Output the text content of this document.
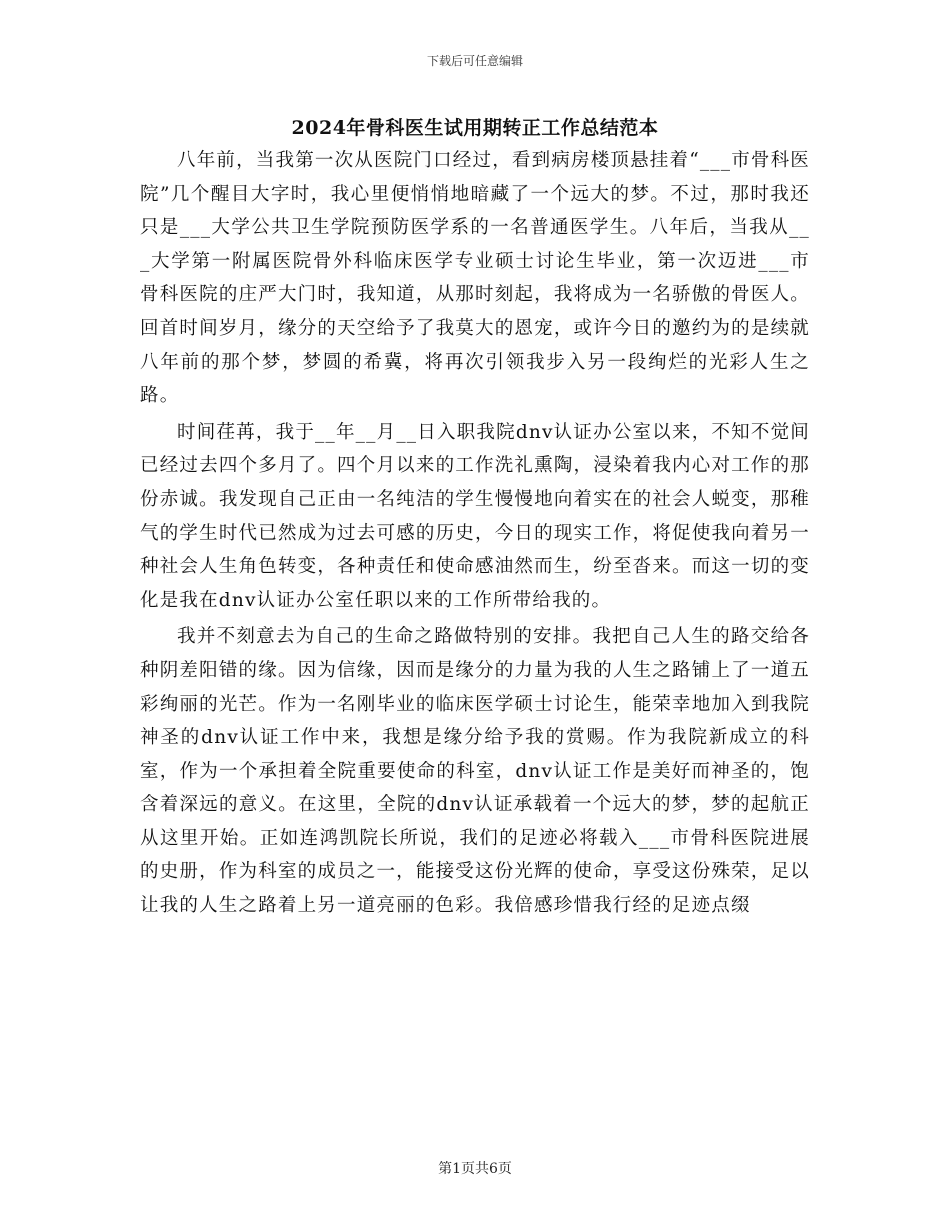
下载后可任意编辑
2024年骨科医生试用期转正工作总结范本

八年前，当我第一次从医院门口经过，看到病房楼顶悬挂着“___市骨科医院”几个醒目大字时，我心里便悄悄地暗藏了一个远大的梦。不过，那时我还只是___大学公共卫生学院预防医学系的一名普通医学生。八年后，当我从___大学第一附属医院骨外科临床医学专业硕士讨论生毕业，第一次迈进___市骨科医院的庄严大门时，我知道，从那时刻起，我将成为一名骄傲的骨医人。回首时间岁月，缘分的天空给予了我莫大的恩宠，或许今日的邀约为的是续就八年前的那个梦，梦圆的希冀，将再次引领我步入另一段绚烂的光彩人生之路。

时间荏苒，我于__年__月__日入职我院dnv认证办公室以来，不知不觉间已经过去四个多月了。四个月以来的工作洗礼熏陶，浸染着我内心对工作的那份赤诚。我发现自己正由一名纯洁的学生慢慢地向着实在的社会人蜕变，那稚气的学生时代已然成为过去可感的历史，今日的现实工作，将促使我向着另一种社会人生角色转变，各种责任和使命感油然而生，纷至沓来。而这一切的变化是我在dnv认证办公室任职以来的工作所带给我的。

我并不刻意去为自己的生命之路做特别的安排。我把自己人生的路交给各种阴差阳错的缘。因为信缘，因而是缘分的力量为我的人生之路铺上了一道五彩绚丽的光芒。作为一名刚毕业的临床医学硕士讨论生，能荣幸地加入到我院神圣的dnv认证工作中来，我想是缘分给予我的赏赐。作为我院新成立的科室，作为一个承担着全院重要使命的科室，dnv认证工作是美好而神圣的，饱含着深远的意义。在这里，全院的dnv认证承载着一个远大的梦，梦的起航正从这里开始。正如连鸿凯院长所说，我们的足迹必将载入___市骨科医院进展的史册，作为科室的成员之一，能接受这份光辉的使命，享受这份殊荣，足以让我的人生之路着上另一道亮丽的色彩。我倍感珍惜我行经的足迹点缀

第1页共6页
